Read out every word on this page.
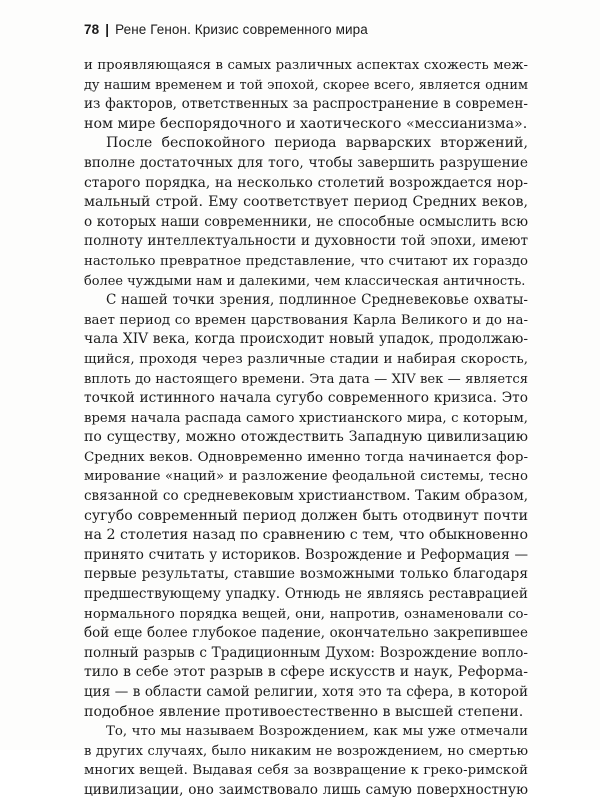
78 | Рене Генон. Кризис современного мира
и проявляющаяся в самых различных аспектах схожесть меж-
ду нашим временем и той эпохой, скорее всего, является одним
из факторов, ответственных за распространение в современ-
ном мире беспорядочного и хаотического «мессианизма».
После беспокойного периода варварских вторжений,
вполне достаточных для того, чтобы завершить разрушение
старого порядка, на несколько столетий возрождается нор-
мальный строй. Ему соответствует период Средних веков,
о которых наши современники, не способные осмыслить всю
полноту интеллектуальности и духовности той эпохи, имеют
настолько превратное представление, что считают их гораздо
более чуждыми нам и далекими, чем классическая античность.
С нашей точки зрения, подлинное Средневековье охваты-
вает период со времен царствования Карла Великого и до на-
чала XIV века, когда происходит новый упадок, продолжаю-
щийся, проходя через различные стадии и набирая скорость,
вплоть до настоящего времени. Эта дата — XIV век — является
точкой истинного начала сугубо современного кризиса. Это
время начала распада самого христианского мира, с которым,
по существу, можно отождествить Западную цивилизацию
Средних веков. Одновременно именно тогда начинается фор-
мирование «наций» и разложение феодальной системы, тесно
связанной со средневековым христианством. Таким образом,
сугубо современный период должен быть отодвинут почти
на 2 столетия назад по сравнению с тем, что обыкновенно
принято считать у историков. Возрождение и Реформация —
первые результаты, ставшие возможными только благодаря
предшествующему упадку. Отнюдь не являясь реставрацией
нормального порядка вещей, они, напротив, ознаменовали со-
бой еще более глубокое падение, окончательно закрепившее
полный разрыв с Традиционным Духом: Возрождение вопло-
тило в себе этот разрыв в сфере искусств и наук, Реформа-
ция — в области самой религии, хотя это та сфера, в которой
подобное явление противоестественно в высшей степени.
То, что мы называем Возрождением, как мы уже отмечали
в других случаях, было никаким не возрождением, но смертью
многих вещей. Выдавая себя за возвращение к греко-римской
цивилизации, оно заимствовало лишь самую поверхностную
